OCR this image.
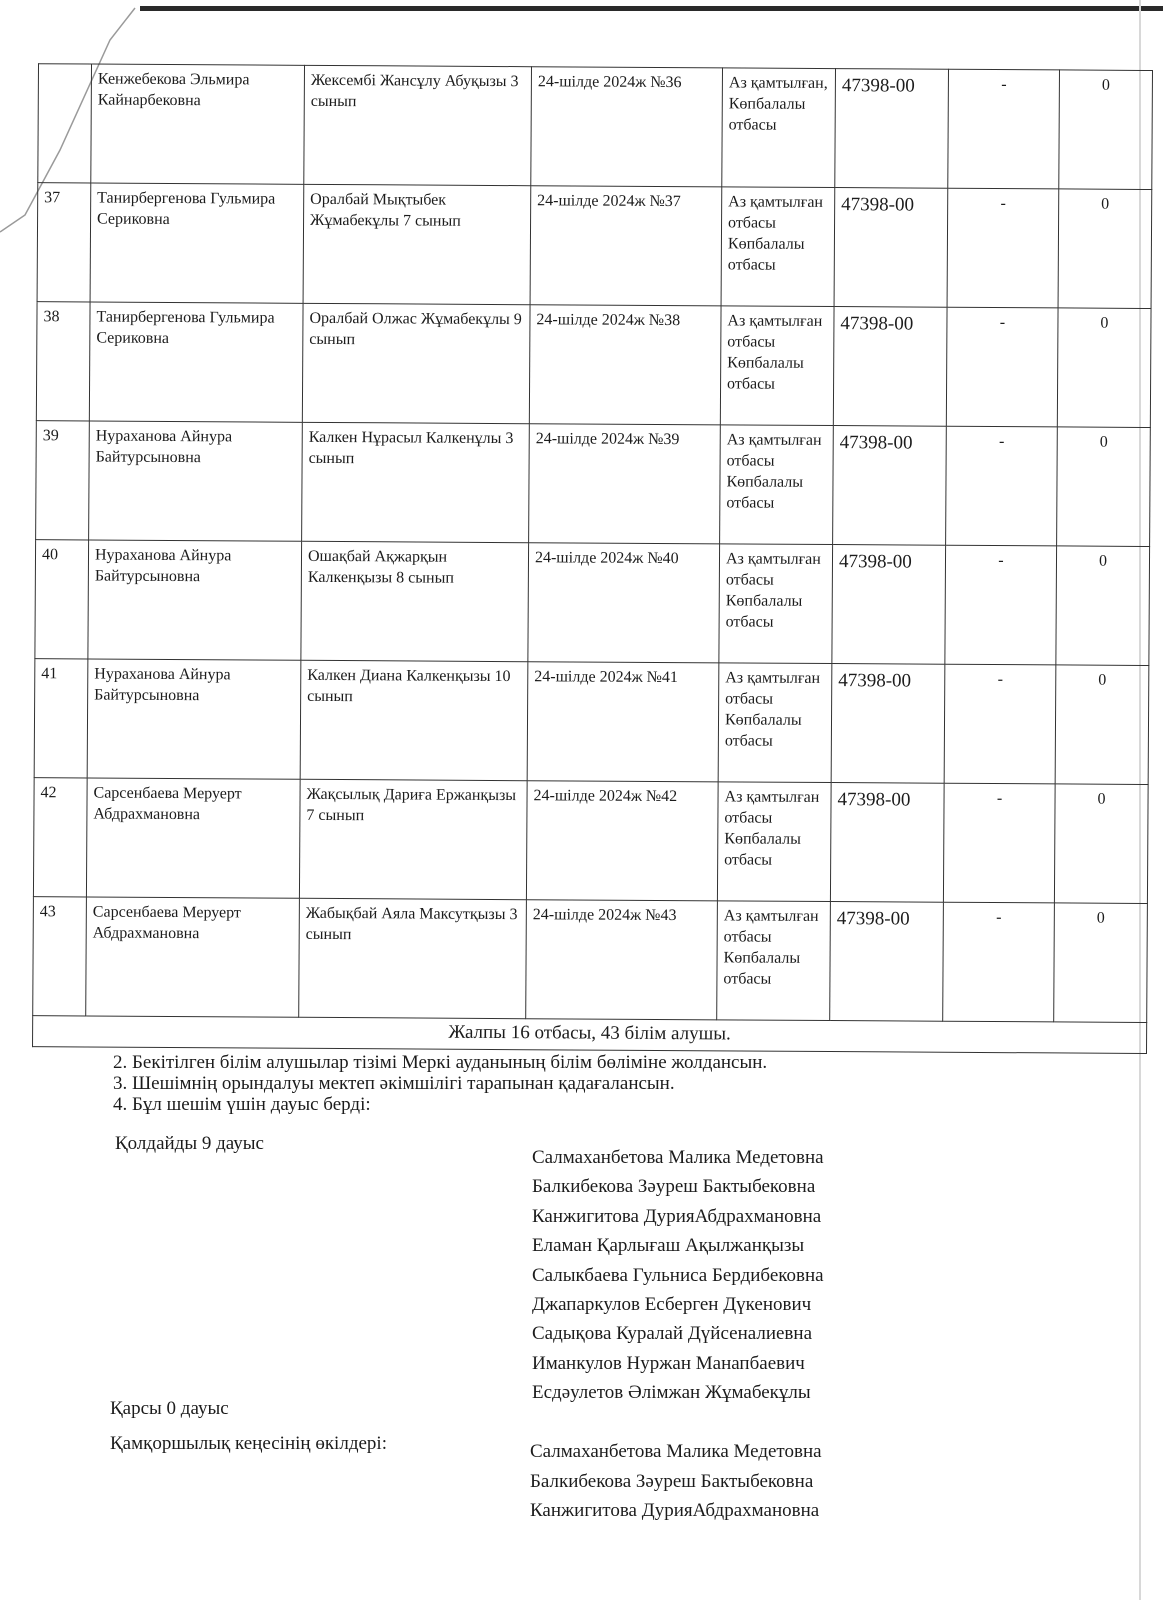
	Кенжебекова Эльмира Кайнарбековна	Жексембі Жансұлу Абуқызы 3 сынып	24-шілде 2024ж №36	Аз қамтылған, Көпбалалы отбасы	47398-00	-	0
37	Танирбергенова Гульмира Сериковна	Оралбай Мықтыбек Жұмабекұлы 7 сынып	24-шілде 2024ж №37	Аз қамтылған отбасы Көпбалалы отбасы	47398-00	-	0
38	Танирбергенова Гульмира Сериковна	Оралбай Олжас Жұмабекұлы 9 сынып	24-шілде 2024ж №38	Аз қамтылған отбасы Көпбалалы отбасы	47398-00	-	0
39	Нураханова Айнура Байтурсыновна	Калкен Нұрасыл Калкенұлы 3 сынып	24-шілде 2024ж №39	Аз қамтылған отбасы Көпбалалы отбасы	47398-00	-	0
40	Нураханова Айнура Байтурсыновна	Ошақбай Ақжарқын Калкенқызы 8 сынып	24-шілде 2024ж №40	Аз қамтылған отбасы Көпбалалы отбасы	47398-00	-	0
41	Нураханова Айнура Байтурсыновна	Калкен Диана Калкенқызы 10 сынып	24-шілде 2024ж №41	Аз қамтылған отбасы Көпбалалы отбасы	47398-00	-	0
42	Сарсенбаева Меруерт Абдрахмановна	Жақсылық Дариға Ержанқызы 7 сынып	24-шілде 2024ж №42	Аз қамтылған отбасы Көпбалалы отбасы	47398-00	-	0
43	Сарсенбаева Меруерт Абдрахмановна	Жабықбай Аяла Максутқызы 3 сынып	24-шілде 2024ж №43	Аз қамтылған отбасы Көпбалалы отбасы	47398-00	-	0
Жалпы 16 отбасы, 43 білім алушы.							

2. Бекітілген білім алушылар тізімі Меркі ауданының білім бөліміне жолдансын.

3. Шешімнің орындалуы мектеп әкімшілігі тарапынан қадағалансын.

4. Бұл шешім үшін дауыс берді:

Қолдайды 9 дауыс
Салмаханбетова Малика Медетовна
Балкибекова Зәуреш Бактыбековна
Канжигитова ДурияАбдрахмановна
Еламан Қарлығаш Ақылжанқызы
Салыкбаева Гульниса Бердибековна
Джапаркулов Есберген Дүкенович
Садықова Куралай Дүйсеналиевна
Иманкулов Нуржан Манапбаевич
Есдәулетов Әлімжан Жұмабекұлы
Қарсы 0 дауыс
Қамқоршылық кеңесінің өкілдері:	Салмаханбетова Малика Медетовна
Балкибекова Зәуреш Бактыбековна
Канжигитова ДурияАбдрахмановна
